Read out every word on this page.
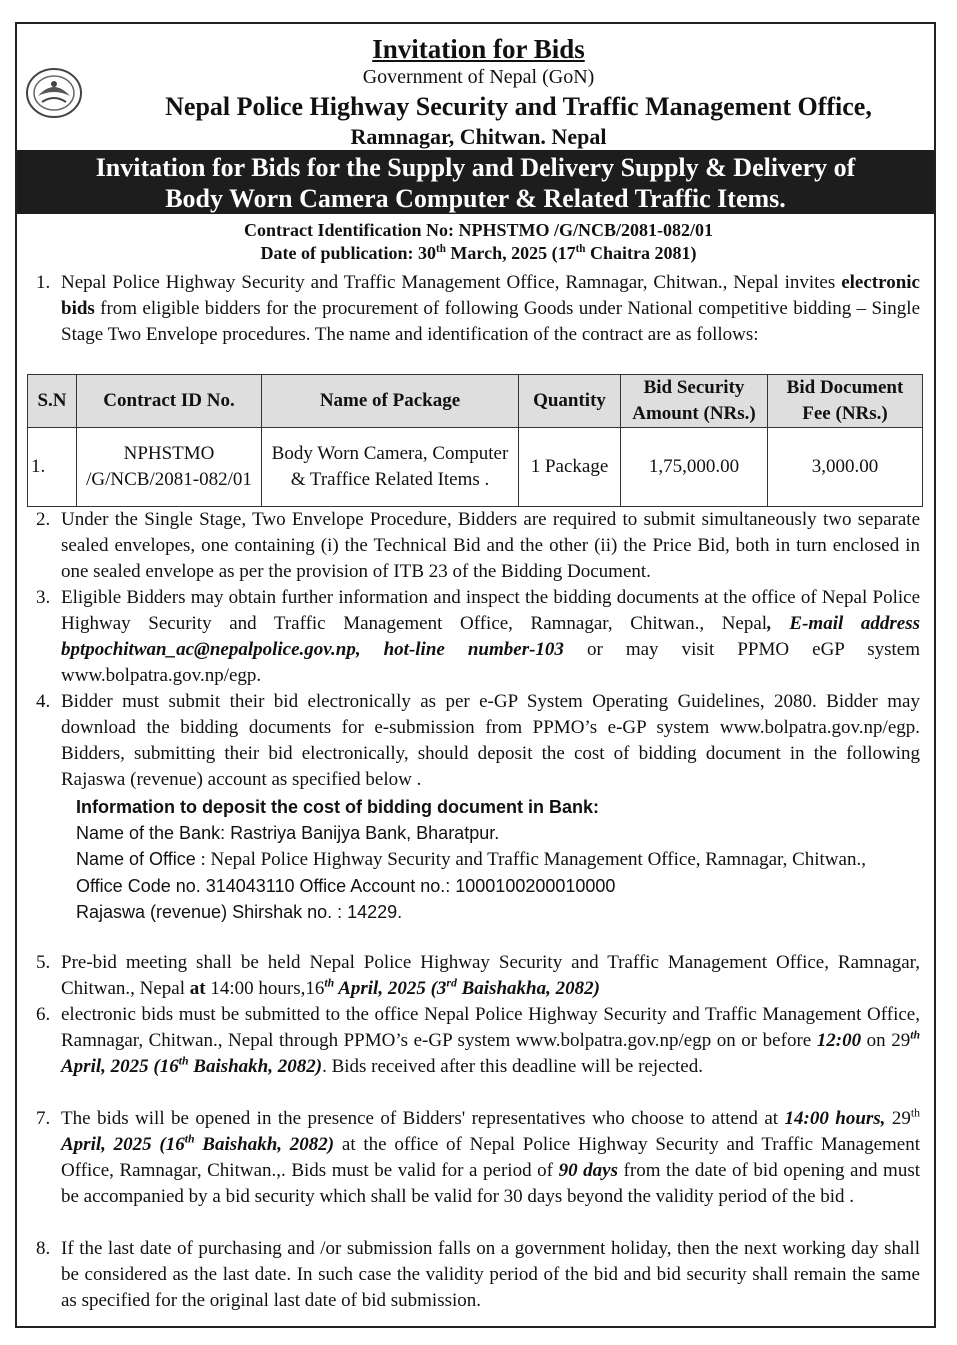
Invitation for Bids
Government of Nepal (GoN)
Nepal Police Highway Security and Traffic Management Office,
Ramnagar, Chitwan. Nepal
Invitation for Bids for the Supply and Delivery Supply & Delivery of
Body Worn Camera Computer & Related Traffic Items.
Contract Identification No: NPHSTMO /G/NCB/2081-082/01
Date of publication: 30th March, 2025 (17th Chaitra 2081)
1. Nepal Police Highway Security and Traffic Management Office, Ramnagar, Chitwan., Nepal invites electronic bids from eligible bidders for the procurement of following Goods under National competitive bidding – Single Stage Two Envelope procedures. The name and identification of the contract are as follows:
S.N	Contract ID No.	Name of Package	Quantity	Bid Security Amount (NRs.)	Bid Document Fee (NRs.)
1.	NPHSTMO /G/NCB/2081-082/01	Body Worn Camera, Computer & Traffice Related Items .	1 Package	1,75,000.00	3,000.00
2. Under the Single Stage, Two Envelope Procedure, Bidders are required to submit simultaneously two separate sealed envelopes, one containing (i) the Technical Bid and the other (ii) the Price Bid, both in turn enclosed in one sealed envelope as per the provision of ITB 23 of the Bidding Document.
3. Eligible Bidders may obtain further information and inspect the bidding documents at the office of Nepal Police Highway Security and Traffic Management Office, Ramnagar, Chitwan., Nepal, E-mail address bptpochitwan_ac@nepalpolice.gov.np, hot-line number-103 or may visit PPMO eGP system www.bolpatra.gov.np/egp.
4. Bidder must submit their bid electronically as per e-GP System Operating Guidelines, 2080. Bidder may download the bidding documents for e-submission from PPMO’s e-GP system www.bolpatra.gov.np/egp. Bidders, submitting their bid electronically, should deposit the cost of bidding document in the following Rajaswa (revenue) account as specified below .
Information to deposit the cost of bidding document in Bank:
Name of the Bank: Rastriya Banijya Bank, Bharatpur.
Name of Office : Nepal Police Highway Security and Traffic Management Office, Ramnagar, Chitwan.,
Office Code no. 314043110 Office Account no.: 1000100200010000
Rajaswa (revenue) Shirshak no. : 14229.
5. Pre-bid meeting shall be held Nepal Police Highway Security and Traffic Management Office, Ramnagar, Chitwan., Nepal at 14:00 hours,16th April, 2025 (3rd Baishakha, 2082)
6. electronic bids must be submitted to the office Nepal Police Highway Security and Traffic Management Office, Ramnagar, Chitwan., Nepal through PPMO’s e-GP system www.bolpatra.gov.np/egp on or before 12:00 on 29th April, 2025 (16th Baishakh, 2082). Bids received after this deadline will be rejected.
7. The bids will be opened in the presence of Bidders' representatives who choose to attend at 14:00 hours, 29th April, 2025 (16th Baishakh, 2082) at the office of Nepal Police Highway Security and Traffic Management Office, Ramnagar, Chitwan.,. Bids must be valid for a period of 90 days from the date of bid opening and must be accompanied by a bid security which shall be valid for 30 days beyond the validity period of the bid .
8. If the last date of purchasing and /or submission falls on a government holiday, then the next working day shall be considered as the last date. In such case the validity period of the bid and bid security shall remain the same as specified for the original last date of bid submission.
